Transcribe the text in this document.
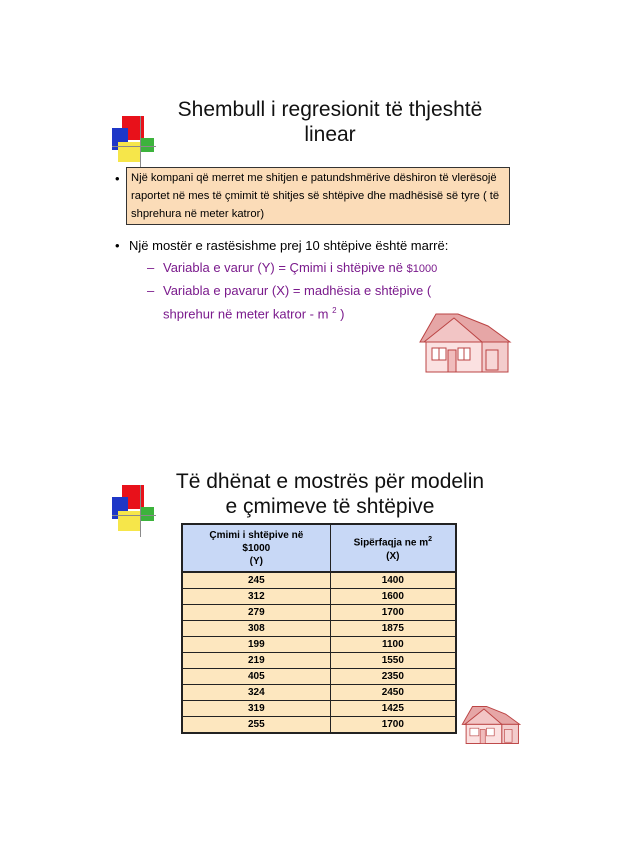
Shembull i regresionit të thjeshtë
linear
•	Një kompani që merret me shitjen e patundshmërive dëshiron të vlerësojë raportet në mes të çmimit të shitjes së shtëpive dhe madhësisë së tyre ( të shprehura në meter katror)
• Një mostër e rastësishme prej 10 shtëpive është marrë:
– Variabla e varur (Y) = Çmimi i shtëpive në $1000
– Variabla e pavarur (X) = madhësia e shtëpive (
shprehur në meter katror - m $^2$ )
Të dhënat e mostrës për modelin
e çmimeve të shtëpive
Çmimi i shtëpive në
$1000
(Y)	Sipërfaqja ne $m^2$
(X)

245	1400
312	1600
279	1700
308	1875
199	1100
219	1550
405	2350
324	2450
319	1425
255	1700
